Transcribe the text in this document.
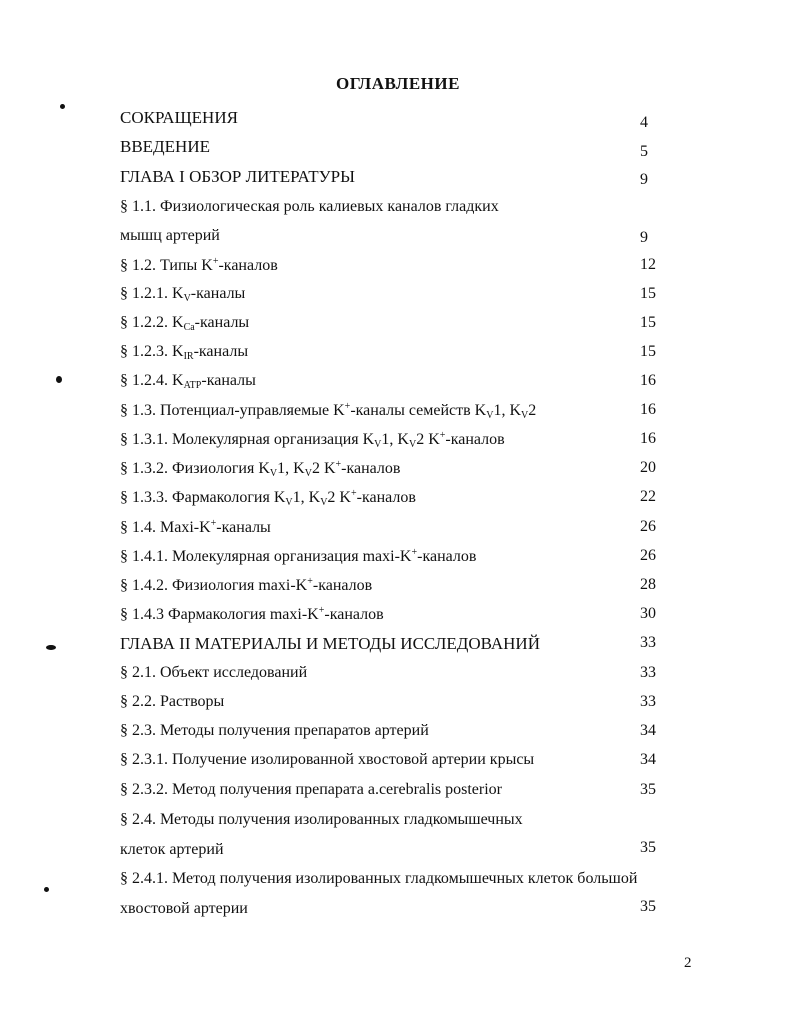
ОГЛАВЛЕНИЕ
СОКРАЩЕНИЯ	4
ВВЕДЕНИЕ	5
ГЛАВА I ОБЗОР ЛИТЕРАТУРЫ	9
§ 1.1. Физиологическая роль калиевых каналов гладких
мышц артерий	9
§ 1.2. Типы K+-каналов	12
§ 1.2.1. $K_V$-каналы	15
§ 1.2.2. $K_{Ca}$-каналы	15
§ 1.2.3. $K_{IR}$-каналы	15
§ 1.2.4. $K_{ATP}$-каналы	16
§ 1.3. Потенциал-управляемые K+-каналы семейств $K_V1$, $K_V2$	16
§ 1.3.1. Молекулярная организация $K_V1$, $K_V2$ K+-каналов	16
§ 1.3.2. Физиология $K_V1$, $K_V2$ K+-каналов	20
§ 1.3.3. Фармакология $K_V1$, $K_V2$ K+-каналов	22
§ 1.4. Maxi-K+-каналы	26
§ 1.4.1. Молекулярная организация maxi-K+-каналов	26
§ 1.4.2. Физиология maxi-K+-каналов	28
§ 1.4.3 Фармакология maxi-K+-каналов	30
ГЛАВА II МАТЕРИАЛЫ И МЕТОДЫ ИССЛЕДОВАНИЙ	33
§ 2.1. Объект исследований	33
§ 2.2. Растворы	33
§ 2.3. Методы получения препаратов артерий	34
§ 2.3.1. Получение изолированной хвостовой артерии крысы	34
§ 2.3.2. Метод получения препарата a.cerebralis posterior	35
§ 2.4. Методы получения изолированных гладкомышечных
клеток артерий	35
§ 2.4.1. Метод получения изолированных гладкомышечных клеток большой
хвостовой артерии	35
2
